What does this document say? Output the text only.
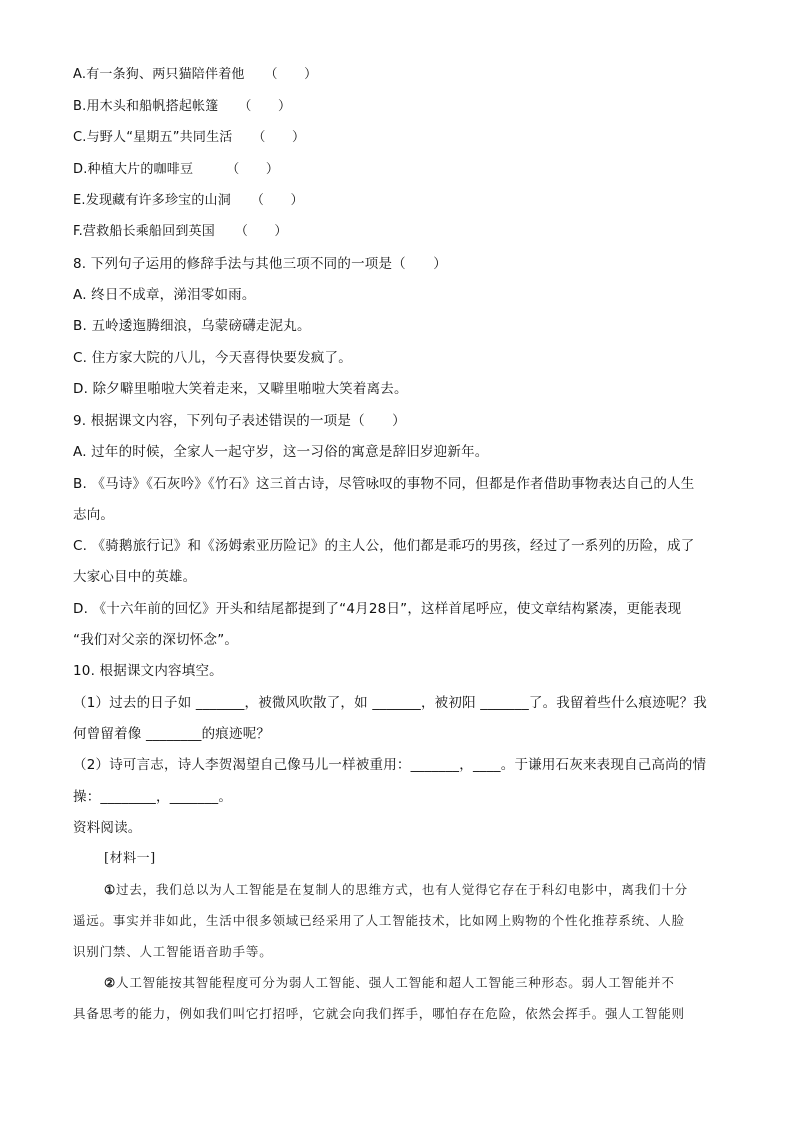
A.有一条狗、两只猫陪伴着他　　（　　）
B.用木头和船帆搭起帐篷　　（　　）
C.与野人“星期五”共同生活　　（　　）
D.种植大片的咖啡豆　　　（　　）
E.发现藏有许多珍宝的山洞　　（　　）
F.营救船长乘船回到英国　　（　　）
8. 下列句子运用的修辞手法与其他三项不同的一项是（　　）
A. 终日不成章，涕泪零如雨。
B. 五岭逶迤腾细浪，乌蒙磅礴走泥丸。
C. 住方家大院的八儿，今天喜得快要发疯了。
D. 除夕噼里啪啦大笑着走来，又噼里啪啦大笑着离去。
9. 根据课文内容，下列句子表述错误的一项是（　　）
A. 过年的时候，全家人一起守岁，这一习俗的寓意是辞旧岁迎新年。
B. 《马诗》《石灰吟》《竹石》这三首古诗，尽管咏叹的事物不同，但都是作者借助事物表达自己的人生
志向。
C. 《骑鹅旅行记》和《汤姆索亚历险记》的主人公，他们都是乖巧的男孩，经过了一系列的历险，成了
大家心目中的英雄。
D. 《十六年前的回忆》开头和结尾都提到了“4月28日”，这样首尾呼应，使文章结构紧凑，更能表现
“我们对父亲的深切怀念”。
10. 根据课文内容填空。
（1）过去的日子如 _______，被微风吹散了，如 _______，被初阳 _______了。我留着些什么痕迹呢？我
何曾留着像 ________的痕迹呢？
（2）诗可言志，诗人李贺渴望自己像马儿一样被重用：_______，____。于谦用石灰来表现自己高尚的情
操：________，_______。
资料阅读。
[材料一]
①过去，我们总以为人工智能是在复制人的思维方式，也有人觉得它存在于科幻电影中，离我们十分
遥远。事实并非如此，生活中很多领域已经采用了人工智能技术，比如网上购物的个性化推荐系统、人脸
识别门禁、人工智能语音助手等。
②人工智能按其智能程度可分为弱人工智能、强人工智能和超人工智能三种形态。弱人工智能并不
具备思考的能力，例如我们叫它打招呼，它就会向我们挥手，哪怕存在危险，依然会挥手。强人工智能则
